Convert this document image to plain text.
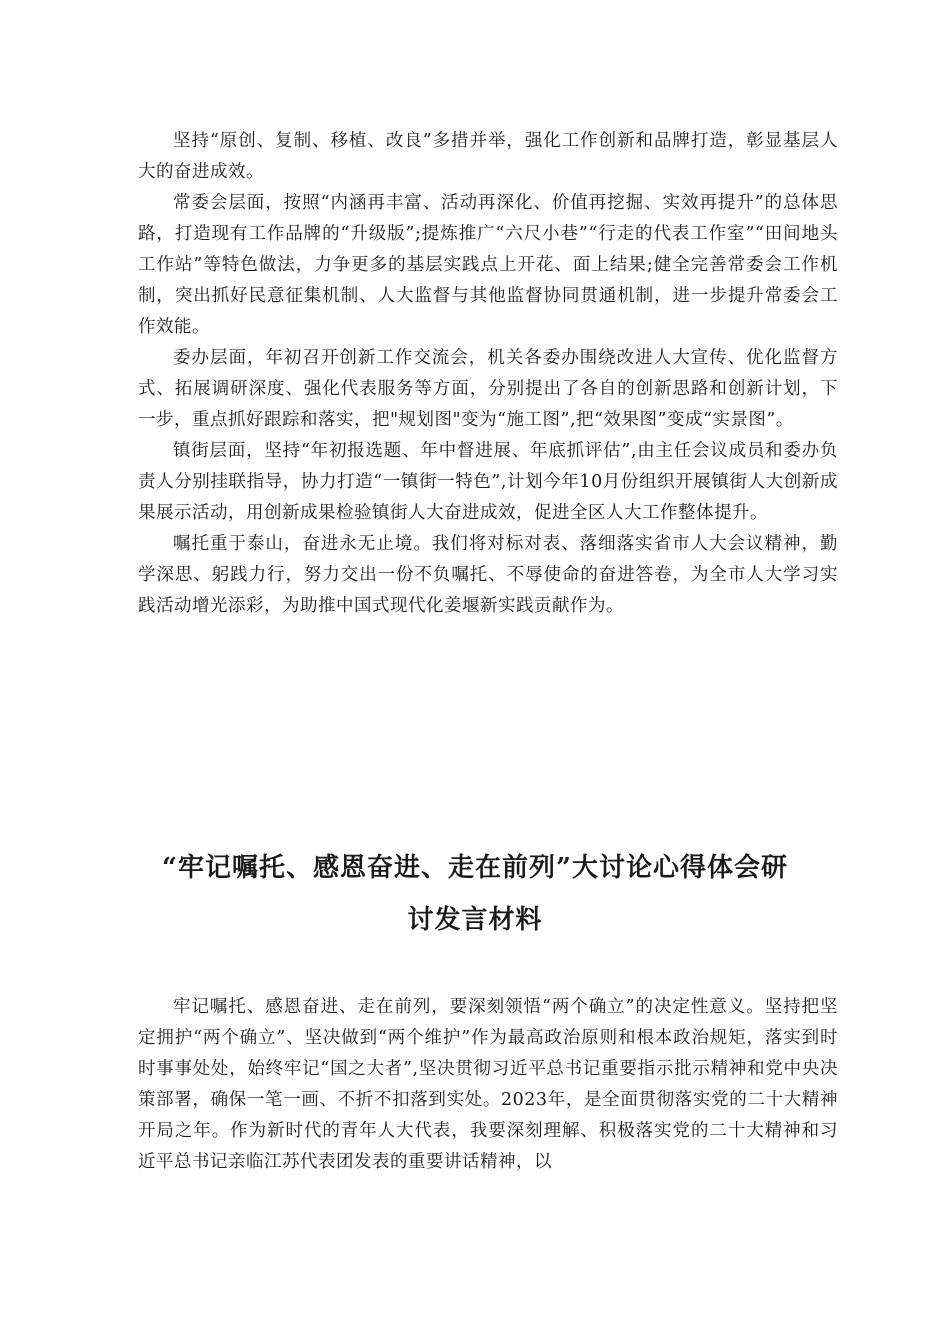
坚持“原创、复制、移植、改良”多措并举，强化工作创新和品牌打造，彰显基层人大的奋进成效。

常委会层面，按照“内涵再丰富、活动再深化、价值再挖掘、实效再提升”的总体思路，打造现有工作品牌的“升级版”;提炼推广“六尺小巷”“行走的代表工作室”“田间地头工作站”等特色做法，力争更多的基层实践点上开花、面上结果;健全完善常委会工作机制，突出抓好民意征集机制、人大监督与其他监督协同贯通机制，进一步提升常委会工作效能。

委办层面，年初召开创新工作交流会，机关各委办围绕改进人大宣传、优化监督方式、拓展调研深度、强化代表服务等方面，分别提出了各自的创新思路和创新计划，下一步，重点抓好跟踪和落实，把"规划图"变为“施工图”,把“效果图”变成“实景图”。

镇街层面，坚持“年初报选题、年中督进展、年底抓评估”,由主任会议成员和委办负责人分别挂联指导，协力打造“一镇街一特色”,计划今年10月份组织开展镇街人大创新成果展示活动，用创新成果检验镇街人大奋进成效，促进全区人大工作整体提升。

嘱托重于泰山，奋进永无止境。我们将对标对表、落细落实省市人大会议精神，勤学深思、躬践力行，努力交出一份不负嘱托、不辱使命的奋进答卷，为全市人大学习实践活动增光添彩，为助推中国式现代化姜堰新实践贡献作为。

“牢记嘱托、感恩奋进、走在前列”大讨论心得体会研

讨发言材料

牢记嘱托、感恩奋进、走在前列，要深刻领悟“两个确立”的决定性意义。坚持把坚定拥护“两个确立”、坚决做到“两个维护”作为最高政治原则和根本政治规矩，落实到时时事事处处，始终牢记“国之大者”,坚决贯彻习近平总书记重要指示批示精神和党中央决策部署，确保一笔一画、不折不扣落到实处。2023年，是全面贯彻落实党的二十大精神开局之年。作为新时代的青年人大代表，我要深刻理解、积极落实党的二十大精神和习近平总书记亲临江苏代表团发表的重要讲话精神，以
